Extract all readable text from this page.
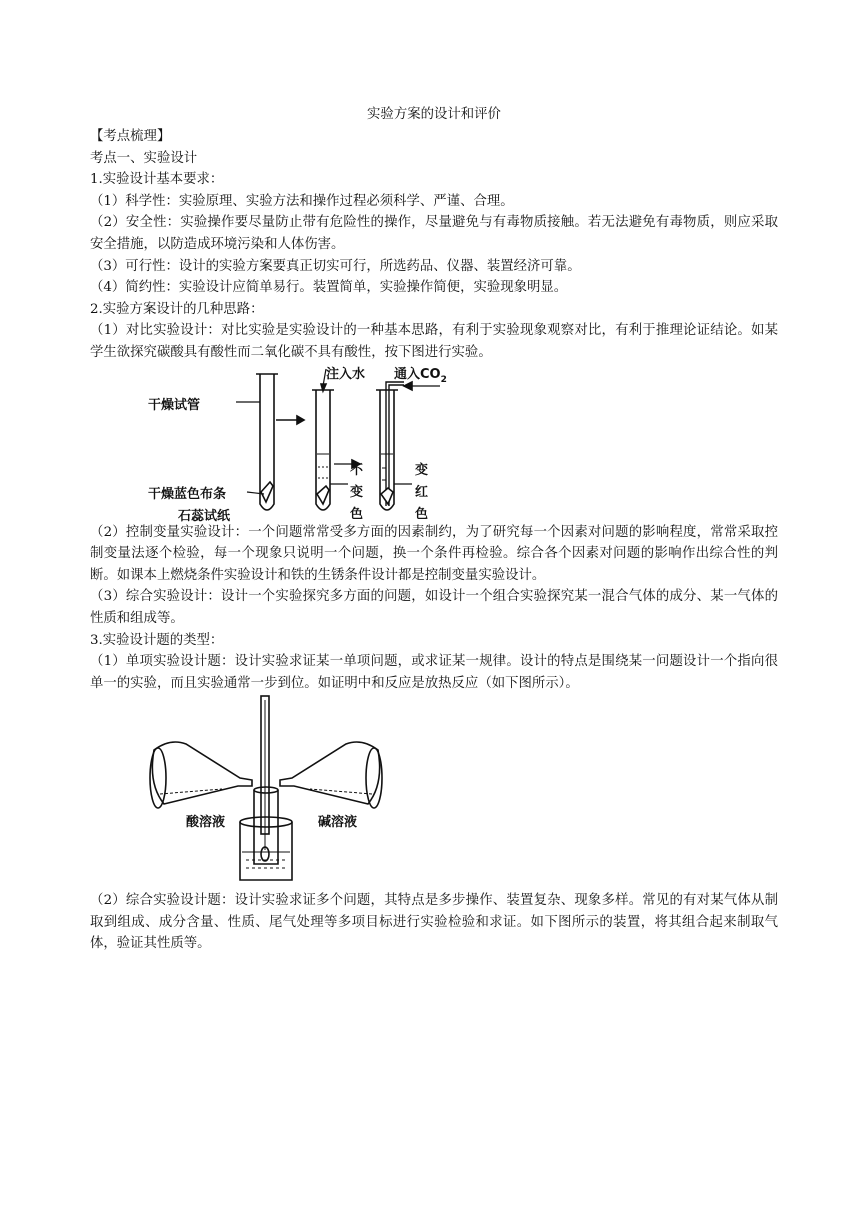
实验方案的设计和评价

【考点梳理】

考点一、实验设计

1.实验设计基本要求：

（1）科学性：实验原理、实验方法和操作过程必须科学、严谨、合理。

（2）安全性：实验操作要尽量防止带有危险性的操作，尽量避免与有毒物质接触。若无法避免有毒物质，则应采取安全措施，以防造成环境污染和人体伤害。

（3）可行性：设计的实验方案要真正切实可行，所选药品、仪器、装置经济可靠。

（4）简约性：实验设计应简单易行。装置简单，实验操作简便，实验现象明显。

2.实验方案设计的几种思路：

（1）对比实验设计：对比实验是实验设计的一种基本思路，有利于实验现象观察对比，有利于推理论证结论。如某学生欲探究碳酸具有酸性而二氧化碳不具有酸性，按下图进行实验。

干燥试管
干燥蓝色布条
石蕊试纸
注入水 通入$CO_2$
不
变
色
变
红
色

（2）控制变量实验设计：一个问题常常受多方面的因素制约，为了研究每一个因素对问题的影响程度，常常采取控制变量法逐个检验，每一个现象只说明一个问题，换一个条件再检验。综合各个因素对问题的影响作出综合性的判断。如课本上燃烧条件实验设计和铁的生锈条件设计都是控制变量实验设计。

（3）综合实验设计：设计一个实验探究多方面的问题，如设计一个组合实验探究某一混合气体的成分、某一气体的性质和组成等。

3.实验设计题的类型：

（1）单项实验设计题：设计实验求证某一单项问题，或求证某一规律。设计的特点是围绕某一问题设计一个指向很单一的实验，而且实验通常一步到位。如证明中和反应是放热反应（如下图所示）。

酸溶液	碱溶液

（2）综合实验设计题：设计实验求证多个问题，其特点是多步操作、装置复杂、现象多样。常见的有对某气体从制取到组成、成分含量、性质、尾气处理等多项目标进行实验检验和求证。如下图所示的装置，将其组合起来制取气体，验证其性质等。
